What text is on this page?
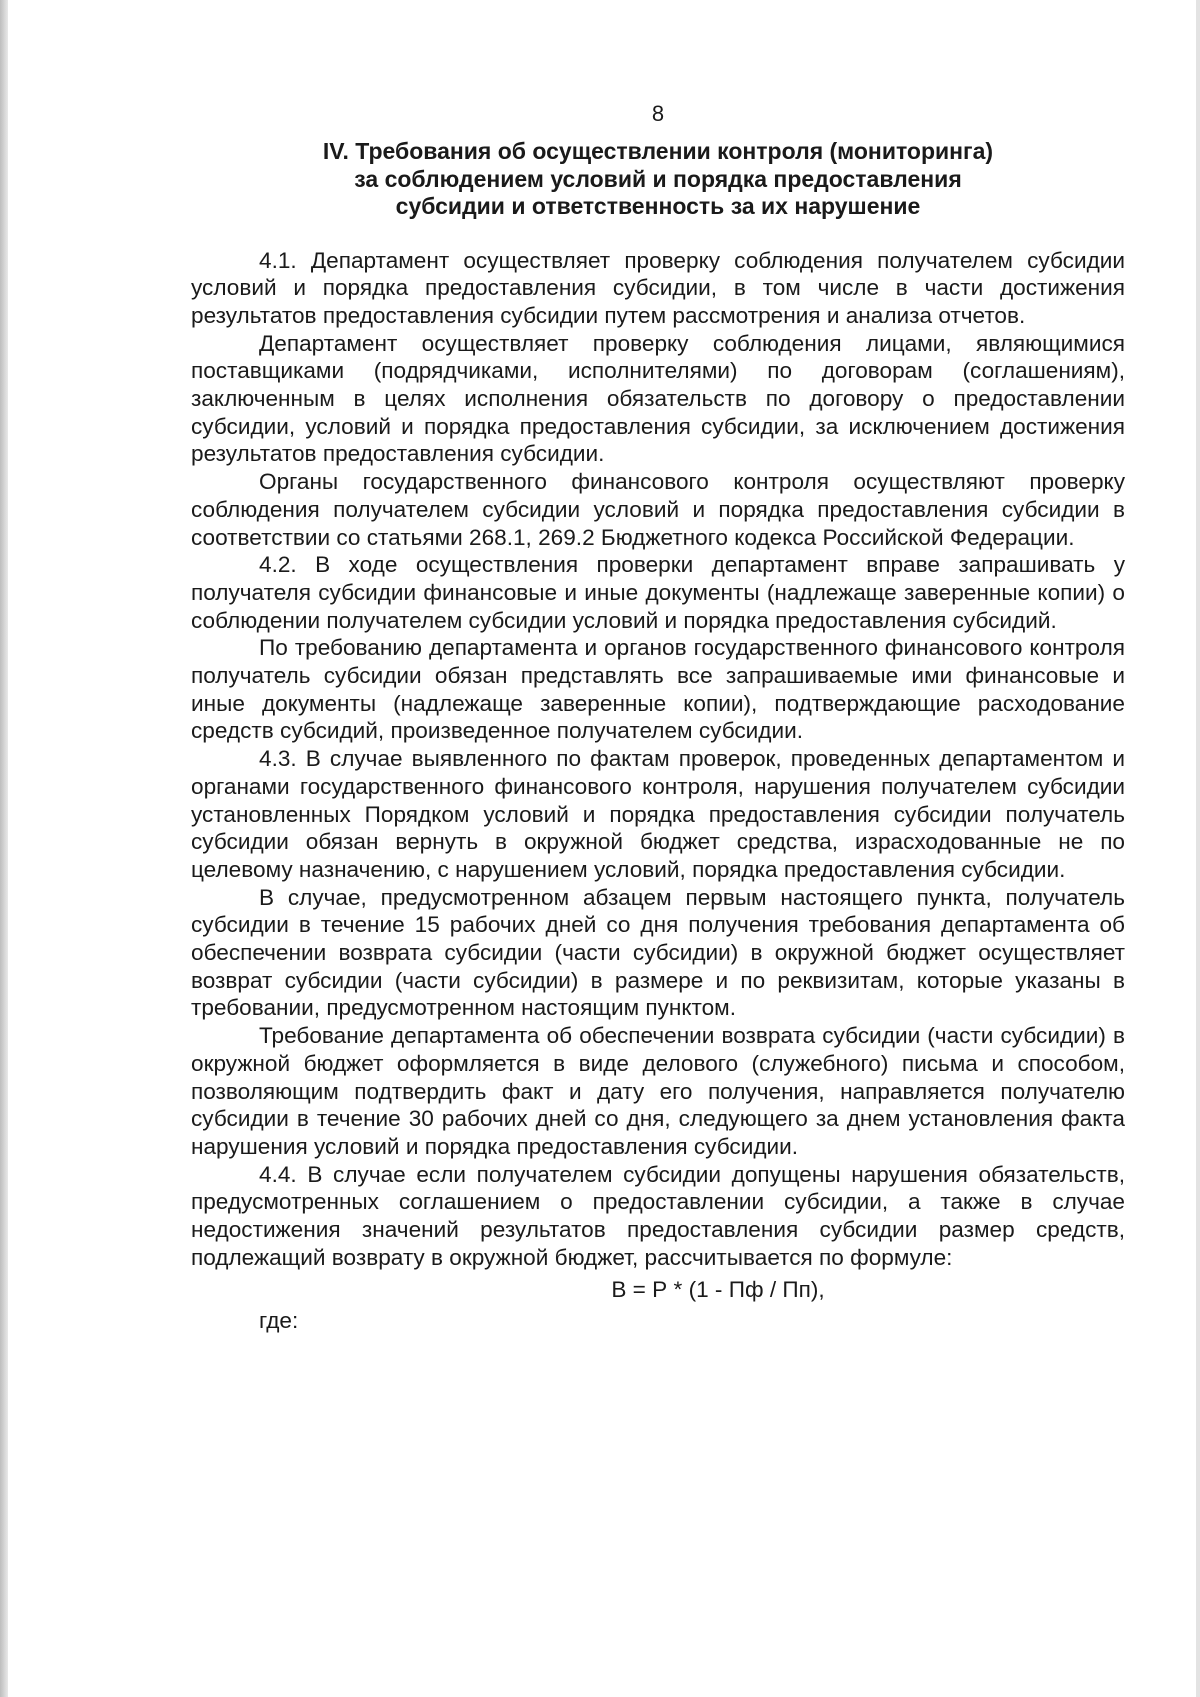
8
IV. Требования об осуществлении контроля (мониторинга)
за соблюдением условий и порядка предоставления
субсидии и ответственность за их нарушение

4.1. Департамент осуществляет проверку соблюдения получателем субсидии условий и порядка предоставления субсидии, в том числе в части достижения результатов предоставления субсидии путем рассмотрения и анализа отчетов.

Департамент осуществляет проверку соблюдения лицами, являющимися поставщиками (подрядчиками, исполнителями) по договорам (соглашениям), заключенным в целях исполнения обязательств по договору о предоставлении субсидии, условий и порядка предоставления субсидии, за исключением достижения результатов предоставления субсидии.

Органы государственного финансового контроля осуществляют проверку соблюдения получателем субсидии условий и порядка предоставления субсидии в соответствии со статьями 268.1, 269.2 Бюджетного кодекса Российской Федерации.

4.2. В ходе осуществления проверки департамент вправе запрашивать у получателя субсидии финансовые и иные документы (надлежаще заверенные копии) о соблюдении получателем субсидии условий и порядка предоставления субсидий.

По требованию департамента и органов государственного финансового контроля получатель субсидии обязан представлять все запрашиваемые ими финансовые и иные документы (надлежаще заверенные копии), подтверждающие расходование средств субсидий, произведенное получателем субсидии.

4.3. В случае выявленного по фактам проверок, проведенных департаментом и органами государственного финансового контроля, нарушения получателем субсидии установленных Порядком условий и порядка предоставления субсидии получатель субсидии обязан вернуть в окружной бюджет средства, израсходованные не по целевому назначению, с нарушением условий, порядка предоставления субсидии.

В случае, предусмотренном абзацем первым настоящего пункта, получатель субсидии в течение 15 рабочих дней со дня получения требования департамента об обеспечении возврата субсидии (части субсидии) в окружной бюджет осуществляет возврат субсидии (части субсидии) в размере и по реквизитам, которые указаны в требовании, предусмотренном настоящим пунктом.

Требование департамента об обеспечении возврата субсидии (части субсидии) в окружной бюджет оформляется в виде делового (служебного) письма и способом, позволяющим подтвердить факт и дату его получения, направляется получателю субсидии в течение 30 рабочих дней со дня, следующего за днем установления факта нарушения условий и порядка предоставления субсидии.

4.4. В случае если получателем субсидии допущены нарушения обязательств, предусмотренных соглашением о предоставлении субсидии, а также в случае недостижения значений результатов предоставления субсидии размер средств, подлежащий возврату в окружной бюджет, рассчитывается по формуле:

В = Р * (1 - Пф / Пп),

где:
